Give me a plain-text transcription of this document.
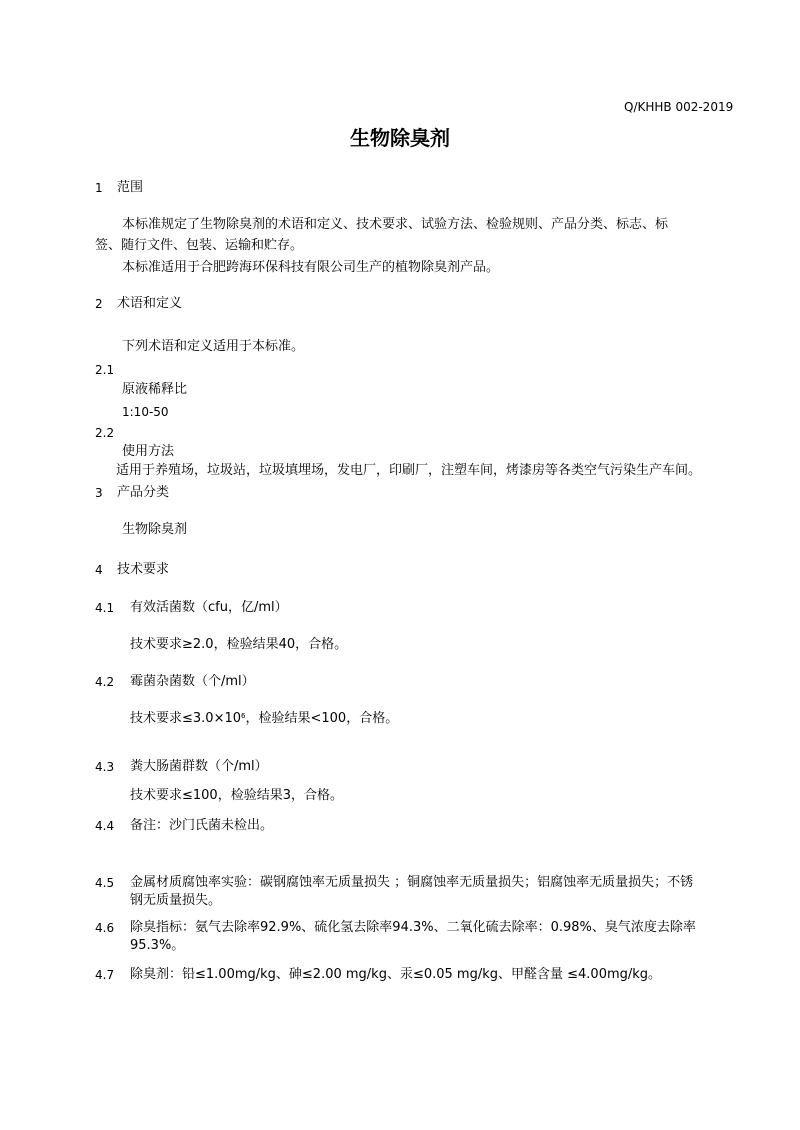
Q/KHHB 002-2019
生物除臭剂
1 范围
本标准规定了生物除臭剂的术语和定义、技术要求、试验方法、检验规则、产品分类、标志、标
签、随行文件、包装、运输和贮存。
本标准适用于合肥跨海环保科技有限公司生产的植物除臭剂产品。
2 术语和定义
下列术语和定义适用于本标准。
2.1
原液稀释比
1:10-50
2.2
使用方法
适用于养殖场，垃圾站，垃圾填埋场，发电厂，印刷厂，注塑车间，烤漆房等各类空气污染生产车间。
3 产品分类
生物除臭剂
4 技术要求
4.1 有效活菌数（cfu，亿/ml）
技术要求≥2.0，检验结果40，合格。
4.2 霉菌杂菌数（个/ml）
技术要求$\le 3.0\times 10^6$，检验结果<100，合格。
4.3 粪大肠菌群数（个/ml）
技术要求≤100，检验结果3，合格。
4.4 备注：沙门氏菌未检出。
4.5 金属材质腐蚀率实验：碳钢腐蚀率无质量损失 ；铜腐蚀率无质量损失；铝腐蚀率无质量损失；不锈
钢无质量损失。
4.6 除臭指标：氨气去除率92.9%、硫化氢去除率94.3%、二氧化硫去除率：0.98%、臭气浓度去除率
95.3%。
4.7 除臭剂：铅≤1.00mg/kg、砷≤2.00 mg/kg、汞≤0.05 mg/kg、甲醛含量 ≤4.00mg/kg。
